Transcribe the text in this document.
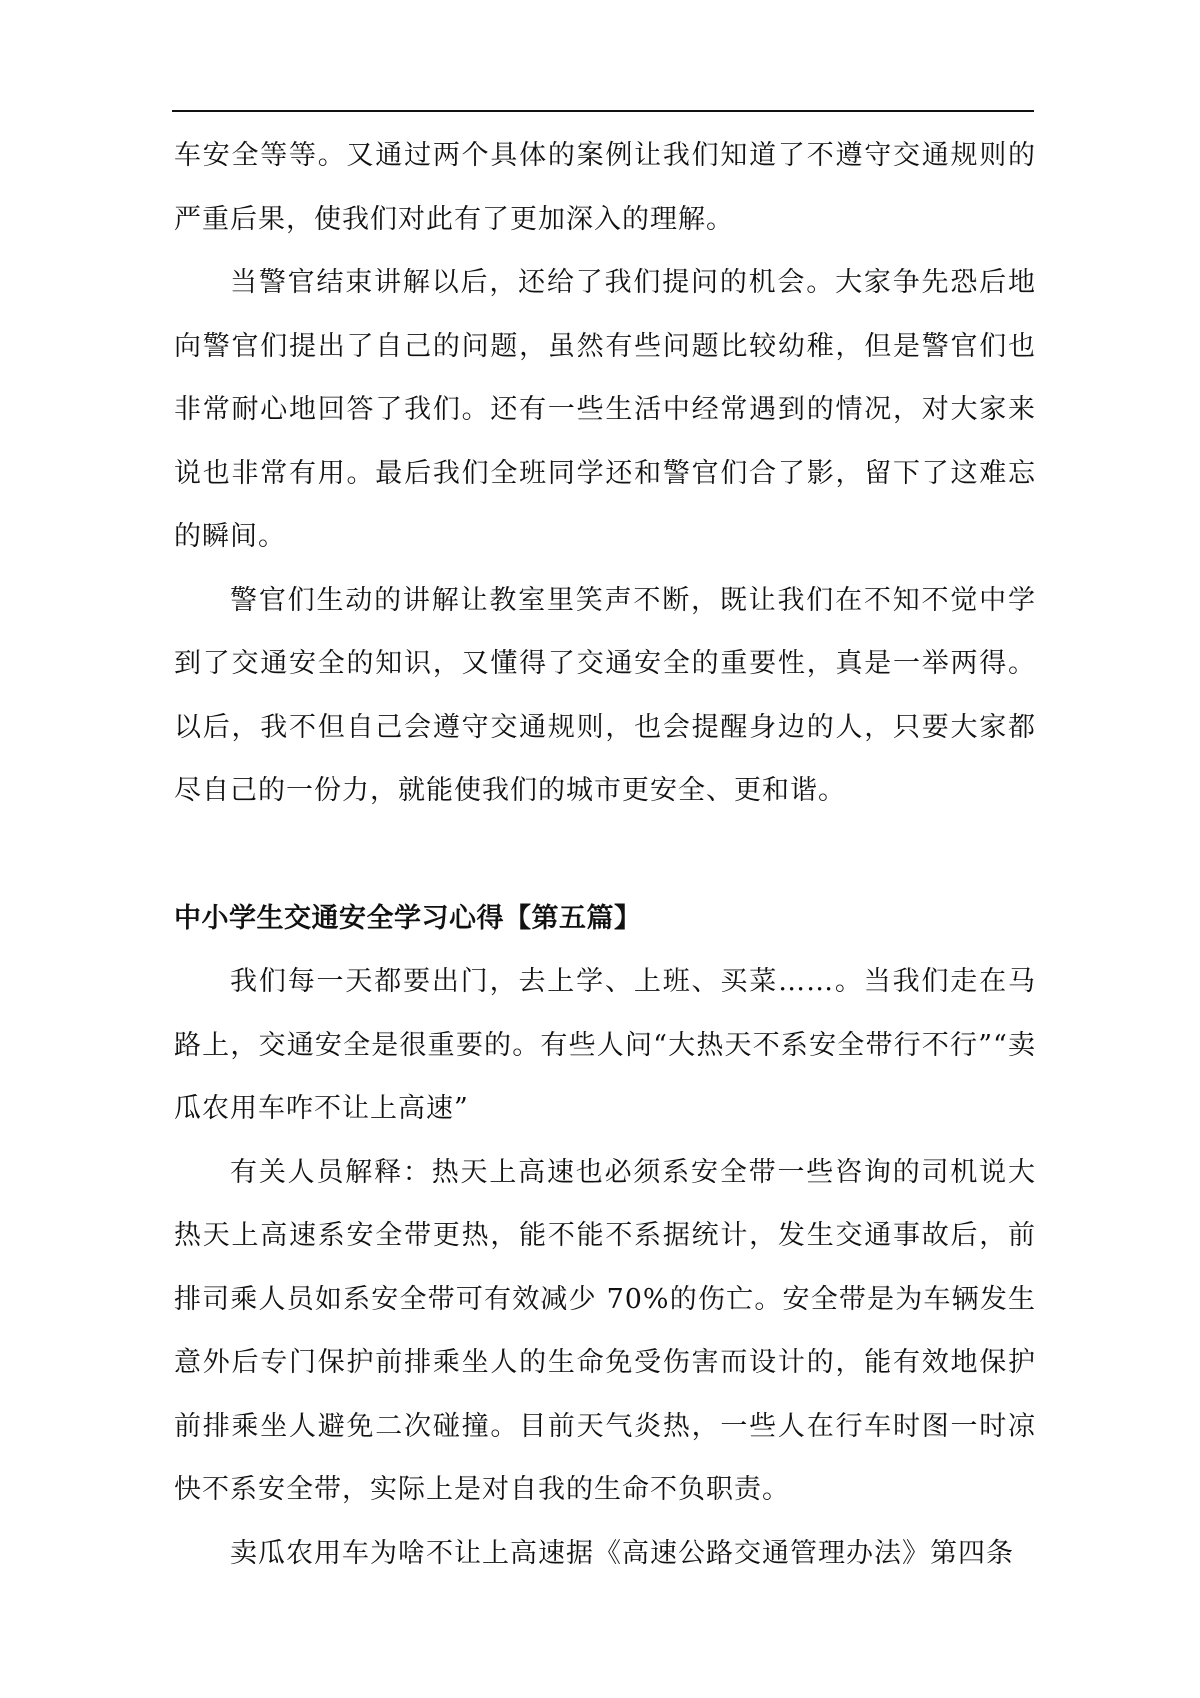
车安全等等。又通过两个具体的案例让我们知道了不遵守交通规则的严重后果，使我们对此有了更加深入的理解。

当警官结束讲解以后，还给了我们提问的机会。大家争先恐后地向警官们提出了自己的问题，虽然有些问题比较幼稚，但是警官们也非常耐心地回答了我们。还有一些生活中经常遇到的情况，对大家来说也非常有用。最后我们全班同学还和警官们合了影，留下了这难忘的瞬间。

警官们生动的讲解让教室里笑声不断，既让我们在不知不觉中学到了交通安全的知识，又懂得了交通安全的重要性，真是一举两得。以后，我不但自己会遵守交通规则，也会提醒身边的人，只要大家都尽自己的一份力，就能使我们的城市更安全、更和谐。

中小学生交通安全学习心得【第五篇】

我们每一天都要出门，去上学、上班、买菜……。当我们走在马路上，交通安全是很重要的。有些人问“大热天不系安全带行不行”“卖瓜农用车咋不让上高速”

有关人员解释：热天上高速也必须系安全带一些咨询的司机说大热天上高速系安全带更热，能不能不系据统计，发生交通事故后，前排司乘人员如系安全带可有效减少 70%的伤亡。安全带是为车辆发生意外后专门保护前排乘坐人的生命免受伤害而设计的，能有效地保护前排乘坐人避免二次碰撞。目前天气炎热，一些人在行车时图一时凉快不系安全带，实际上是对自我的生命不负职责。

卖瓜农用车为啥不让上高速据《高速公路交通管理办法》第四条
